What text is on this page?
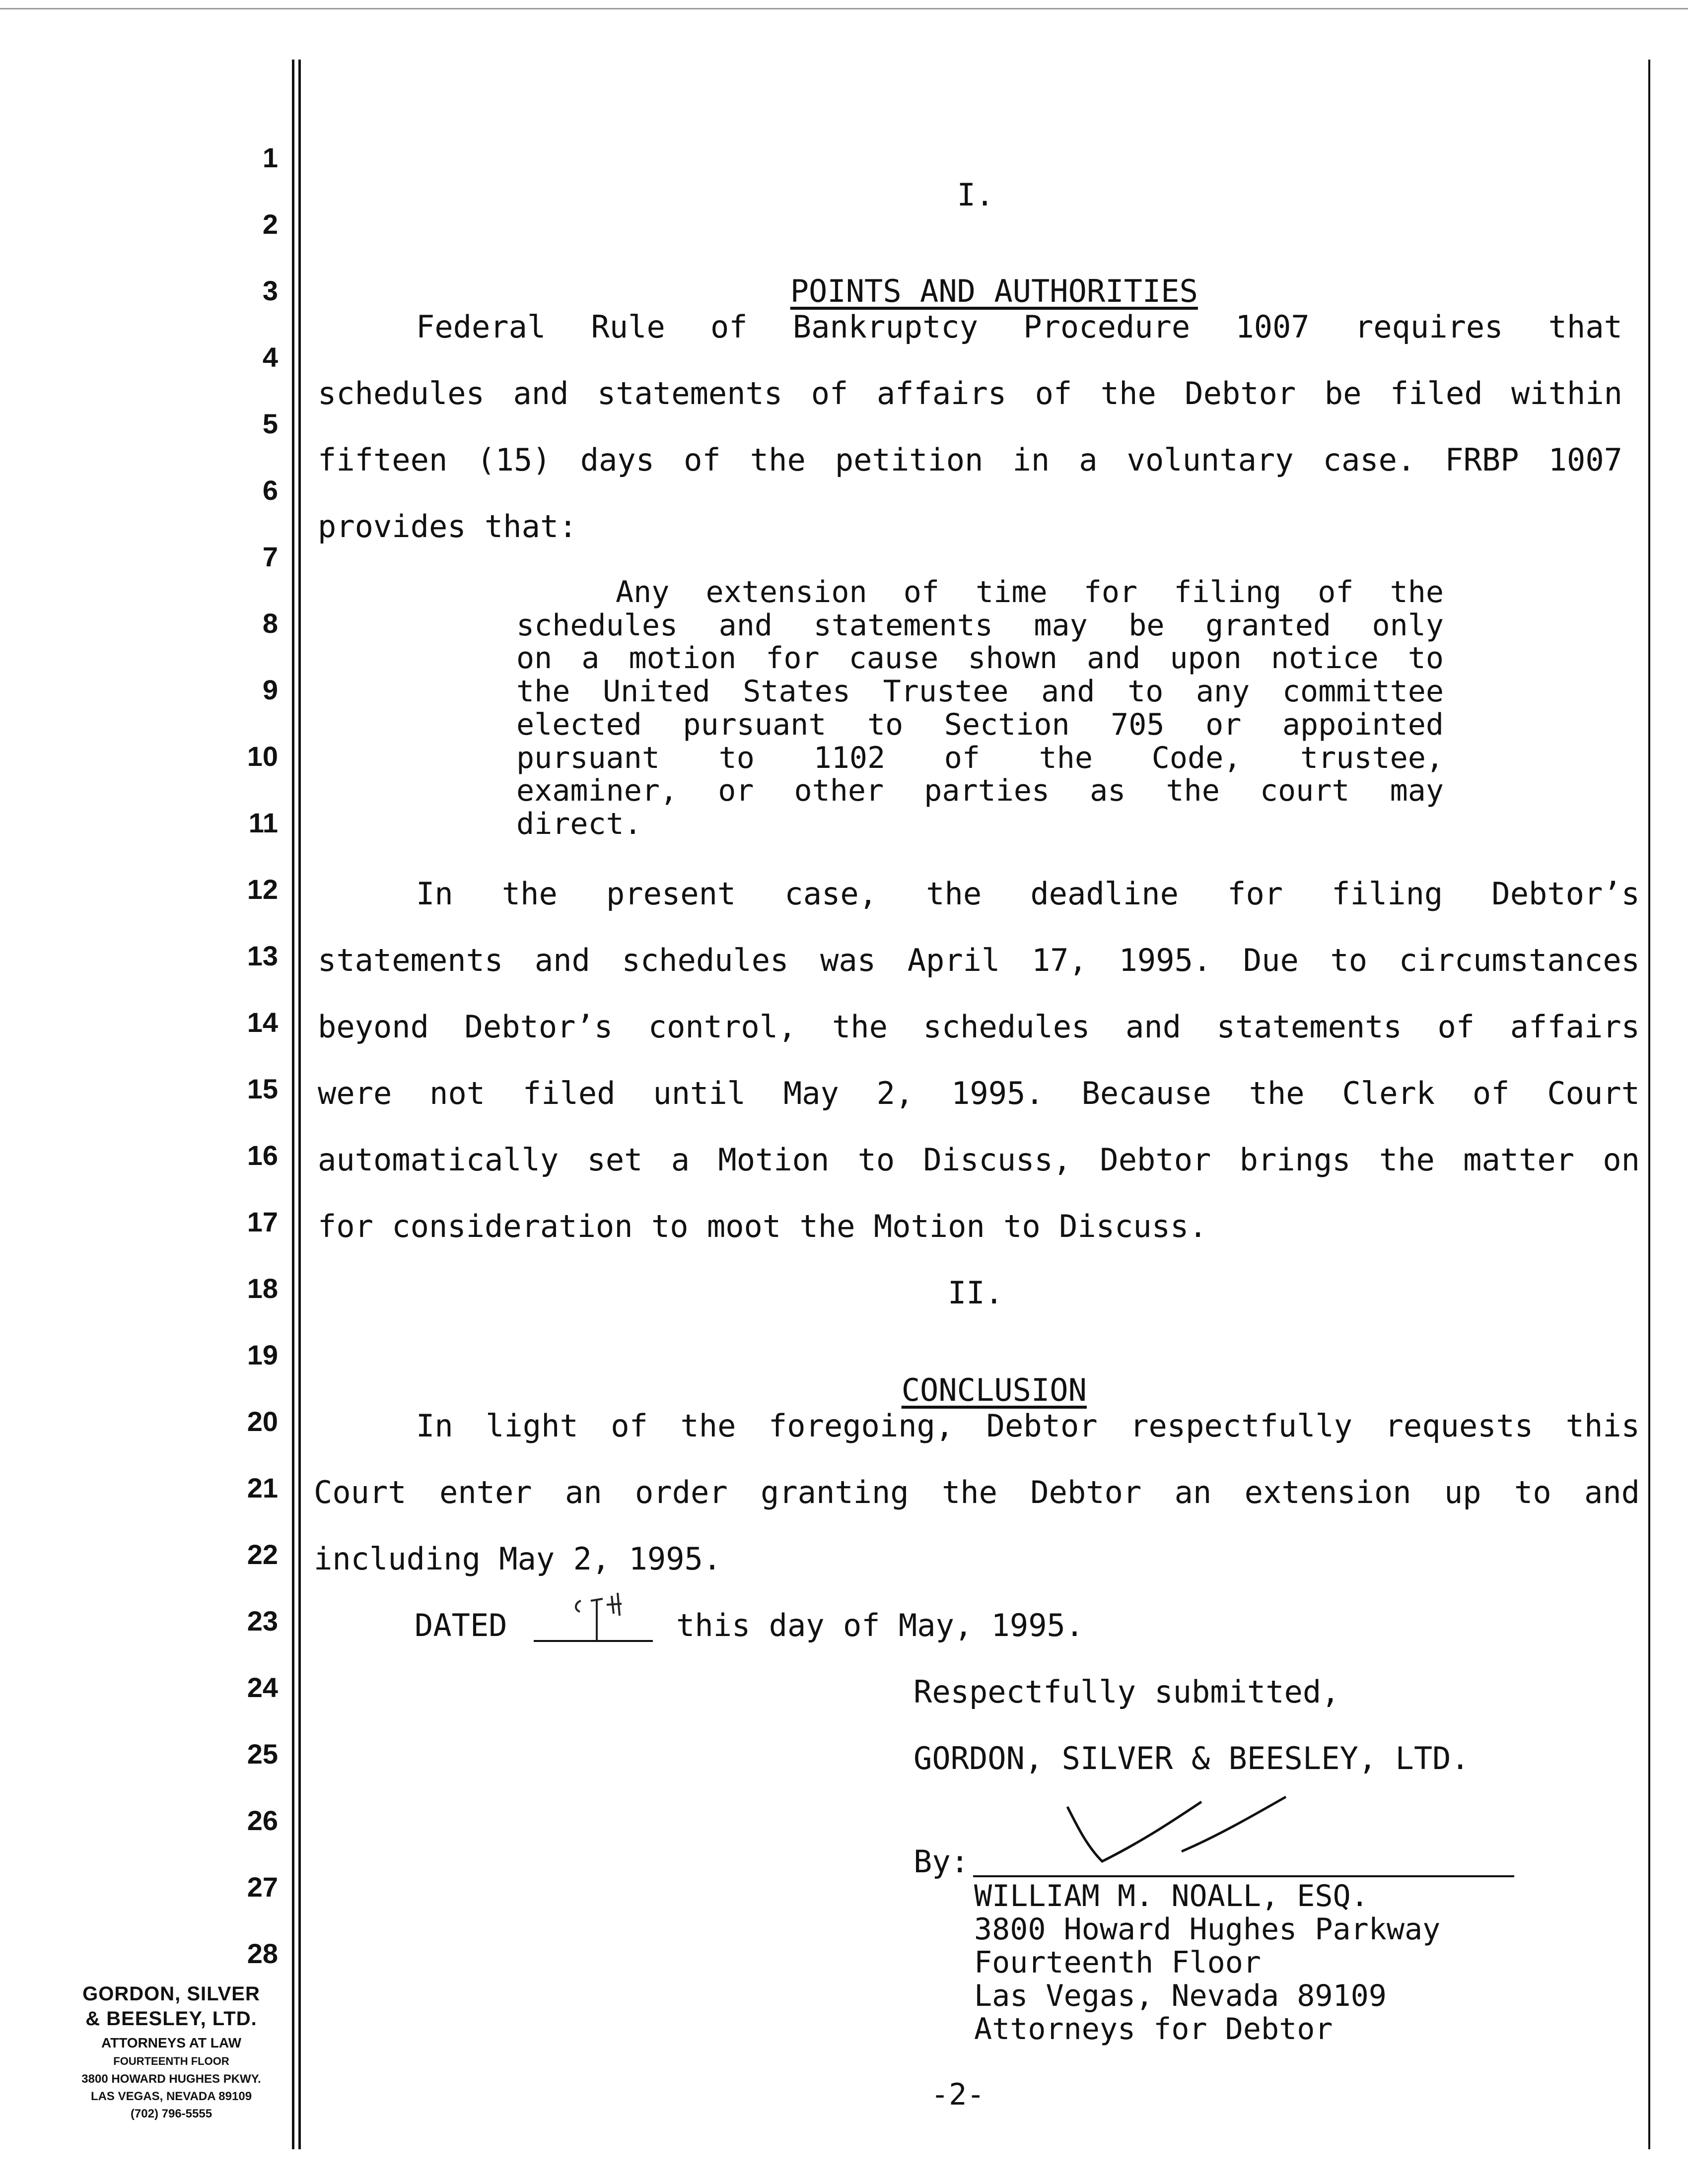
1
2
3
4
5
6
7
8
9
10
11
12
13
14
15
16
17
18
19
20
21
22
23
24
25
26
27
28
I.

POINTS AND AUTHORITIES

Federal Rule of Bankruptcy Procedure 1007 requires that
schedules and statements of affairs of the Debtor be filed within
fifteen (15) days of the petition in a voluntary case. FRBP 1007
provides that:
Any extension of time for filing of the
schedules and statements may be granted only
on a motion for cause shown and upon notice to
the United States Trustee and to any committee
elected pursuant to Section 705 or appointed
pursuant to 1102 of the Code, trustee,
examiner, or other parties as the court may
direct.
In the present case, the deadline for filing Debtor’s
statements and schedules was April 17, 1995. Due to circumstances
beyond Debtor’s control, the schedules and statements of affairs
were not filed until May 2, 1995. Because the Clerk of Court
automatically set a Motion to Discuss, Debtor brings the matter on
for consideration to moot the Motion to Discuss.
II.

CONCLUSION

In light of the foregoing, Debtor respectfully requests this
Court enter an order granting the Debtor an extension up to and
including May 2, 1995.
DATED
9TH
this day of May, 1995.
Respectfully submitted,
GORDON, SILVER & BEESLEY, LTD.
By:
WILLIAM M. NOALL, ESQ.
3800 Howard Hughes Parkway
Fourteenth Floor
Las Vegas, Nevada 89109
Attorneys for Debtor
-2-
GORDON, SILVER
& BEESLEY, LTD.
ATTORNEYS AT LAW
FOURTEENTH FLOOR
3800 HOWARD HUGHES PKWY.
LAS VEGAS, NEVADA 89109
(702) 796-5555
